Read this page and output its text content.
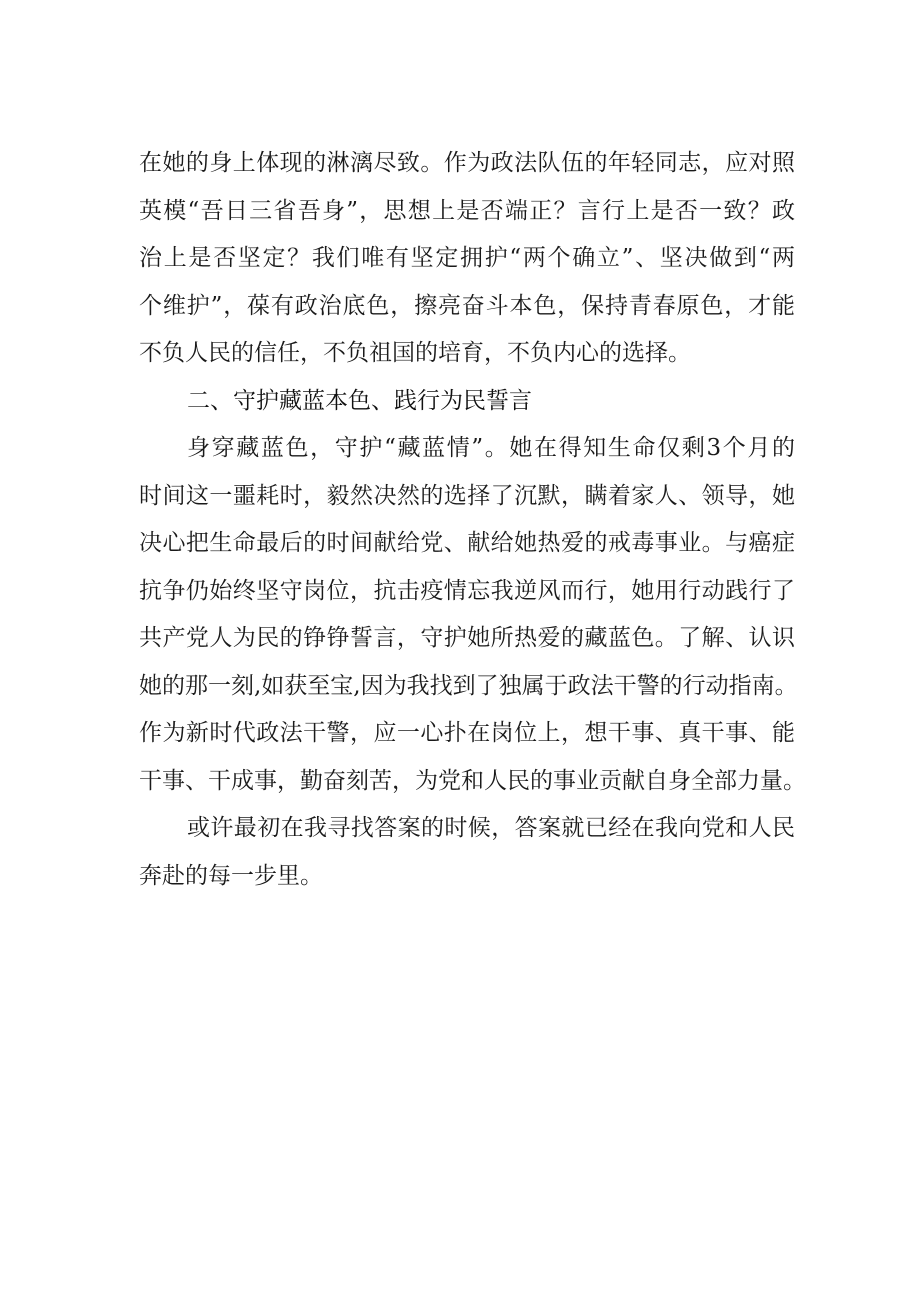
在她的身上体现的淋漓尽致。作为政法队伍的年轻同志，应对照
英模“吾日三省吾身”，思想上是否端正？言行上是否一致？政
治上是否坚定？我们唯有坚定拥护“两个确立”、坚决做到“两
个维护”，葆有政治底色，擦亮奋斗本色，保持青春原色，才能
不负人民的信任，不负祖国的培育，不负内心的选择。
二、守护藏蓝本色、践行为民誓言
身穿藏蓝色，守护“藏蓝情”。她在得知生命仅剩3个月的
时间这一噩耗时，毅然决然的选择了沉默，瞒着家人、领导，她
决心把生命最后的时间献给党、献给她热爱的戒毒事业。与癌症
抗争仍始终坚守岗位，抗击疫情忘我逆风而行，她用行动践行了
共产党人为民的铮铮誓言，守护她所热爱的藏蓝色。了解、认识
她的那一刻,如获至宝,因为我找到了独属于政法干警的行动指南。
作为新时代政法干警，应一心扑在岗位上，想干事、真干事、能
干事、干成事，勤奋刻苦，为党和人民的事业贡献自身全部力量。
或许最初在我寻找答案的时候，答案就已经在我向党和人民
奔赴的每一步里。
